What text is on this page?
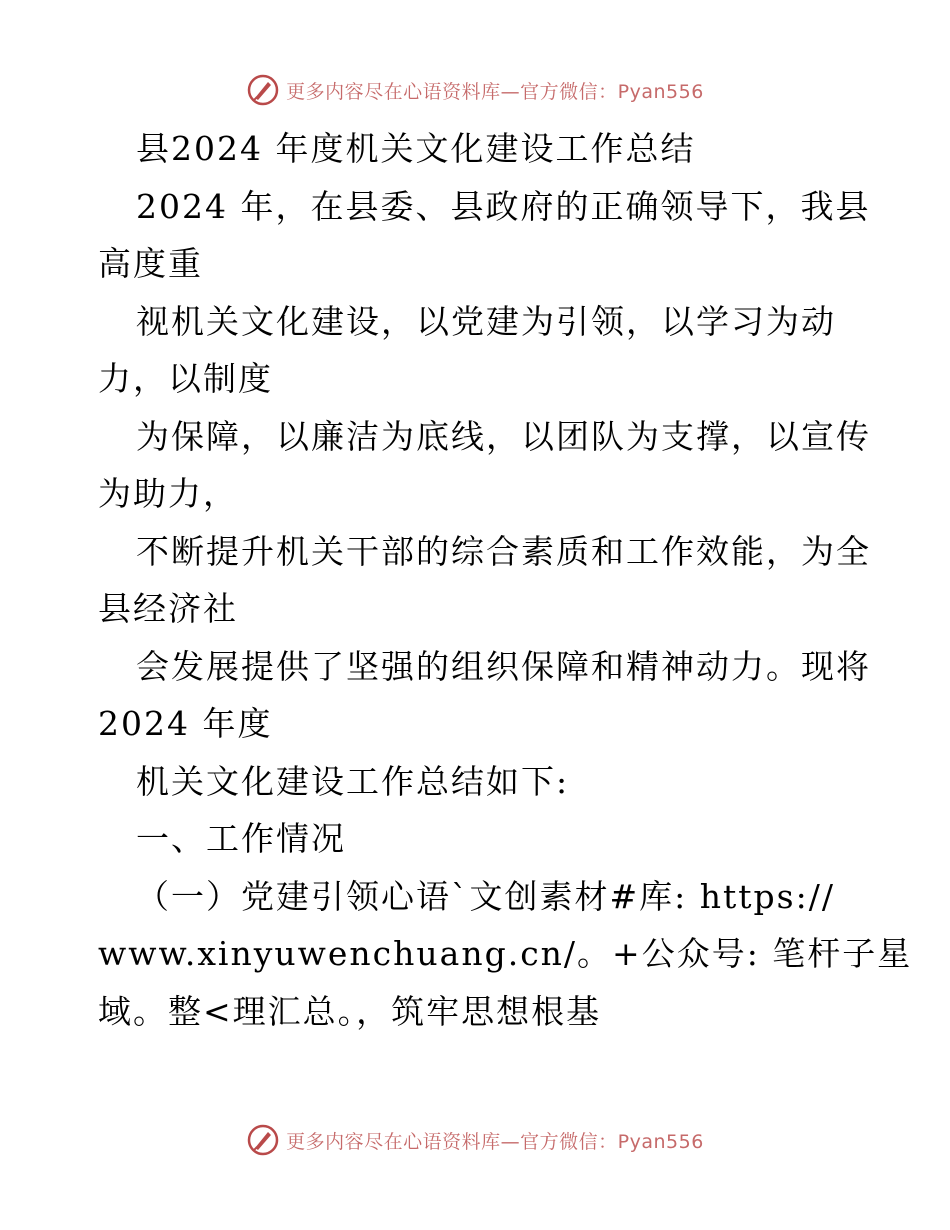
更多内容尽在心语资料库—官方微信：Pyan556
县2024 年度机关文化建设工作总结
2024 年，在县委、县政府的正确领导下，我县
高度重
视机关文化建设，以党建为引领，以学习为动
力，以制度
为保障，以廉洁为底线，以团队为支撑，以宣传
为助力，
不断提升机关干部的综合素质和工作效能，为全
县经济社
会发展提供了坚强的组织保障和精神动力。现将
2024 年度
机关文化建设工作总结如下:
一、工作情况
（一）党建引领心语`文创素材#库: https://
www.xinyuwenchuang.cn/。+公众号: 笔杆子星
域。整<理汇总。，筑牢思想根基
更多内容尽在心语资料库—官方微信：Pyan556
